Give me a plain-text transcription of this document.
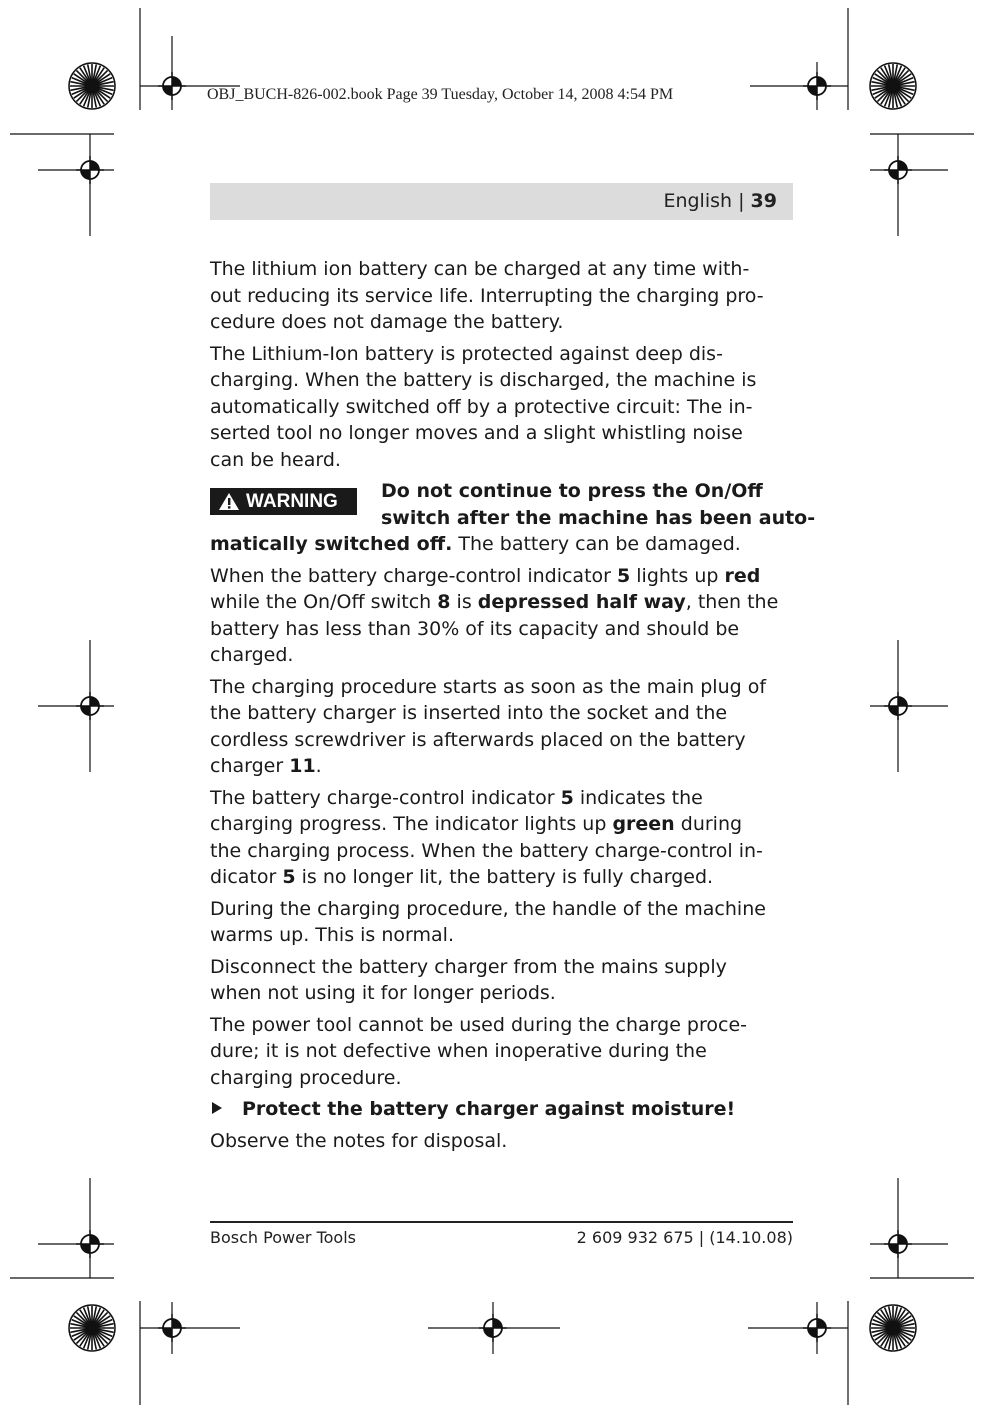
OBJ_BUCH-826-002.book Page 39 Tuesday, October 14, 2008 4:54 PM
English | 39
The lithium ion battery can be charged at any time with-
out reducing its service life. Interrupting the charging pro-
cedure does not damage the battery.
The Lithium-Ion battery is protected against deep dis-
charging. When the battery is discharged, the machine is
automatically switched off by a protective circuit: The in-
serted tool no longer moves and a slight whistling noise
can be heard.
WARNING	Do not continue to press the On/Off
switch after the machine has been auto-
matically switched off. The battery can be damaged.
When the battery charge-control indicator 5 lights up red
while the On/Off switch 8 is depressed half way, then the
battery has less than 30% of its capacity and should be
charged.
The charging procedure starts as soon as the main plug of
the battery charger is inserted into the socket and the
cordless screwdriver is afterwards placed on the battery
charger 11.
The battery charge-control indicator 5 indicates the
charging progress. The indicator lights up green during
the charging process. When the battery charge-control in-
dicator 5 is no longer lit, the battery is fully charged.
During the charging procedure, the handle of the machine
warms up. This is normal.
Disconnect the battery charger from the mains supply
when not using it for longer periods.
The power tool cannot be used during the charge proce-
dure; it is not defective when inoperative during the
charging procedure.
Protect the battery charger against moisture!
Observe the notes for disposal.
Bosch Power Tools	2 609 932 675 | (14.10.08)
